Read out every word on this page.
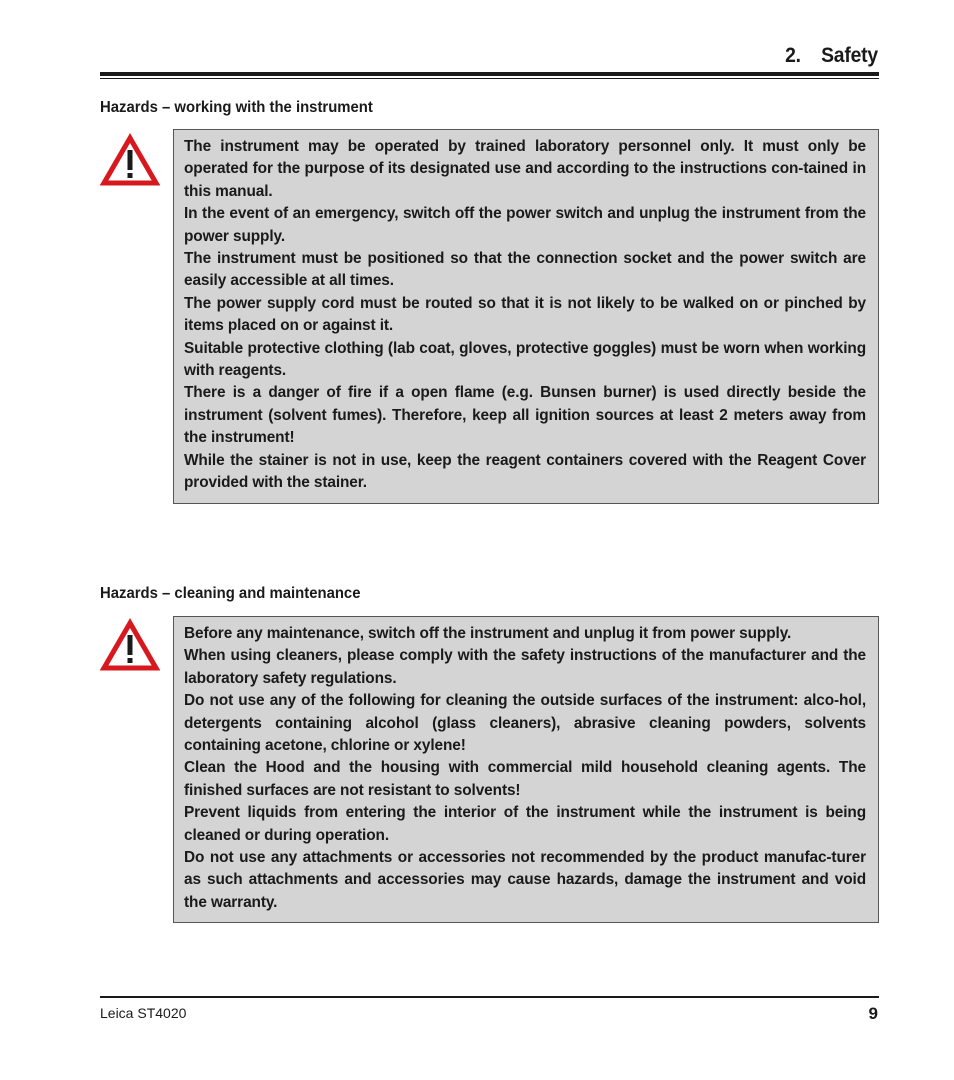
2. Safety
Hazards – working with the instrument

The instrument may be operated by trained laboratory personnel only. It must only be operated for the purpose of its designated use and according to the instructions con-tained in this manual.

In the event of an emergency, switch off the power switch and unplug the instrument from the power supply.

The instrument must be positioned so that the connection socket and the power switch are easily accessible at all times.

The power supply cord must be routed so that it is not likely to be walked on or pinched by items placed on or against it.

Suitable protective clothing (lab coat, gloves, protective goggles) must be worn when working with reagents.

There is a danger of fire if a open flame (e.g. Bunsen burner) is used directly beside the instrument (solvent fumes). Therefore, keep all ignition sources at least 2 meters away from the instrument!

While the stainer is not in use, keep the reagent containers covered with the Reagent Cover provided with the stainer.

Hazards – cleaning and maintenance

Before any maintenance, switch off the instrument and unplug it from power supply.

When using cleaners, please comply with the safety instructions of the manufacturer and the laboratory safety regulations.

Do not use any of the following for cleaning the outside surfaces of the instrument: alco-hol, detergents containing alcohol (glass cleaners), abrasive cleaning powders, solvents containing acetone, chlorine or xylene!

Clean the Hood and the housing with commercial mild household cleaning agents. The finished surfaces are not resistant to solvents!

Prevent liquids from entering the interior of the instrument while the instrument is being cleaned or during operation.

Do not use any attachments or accessories not recommended by the product manufac-turer as such attachments and accessories may cause hazards, damage the instrument and void the warranty.

Leica ST4020	9
